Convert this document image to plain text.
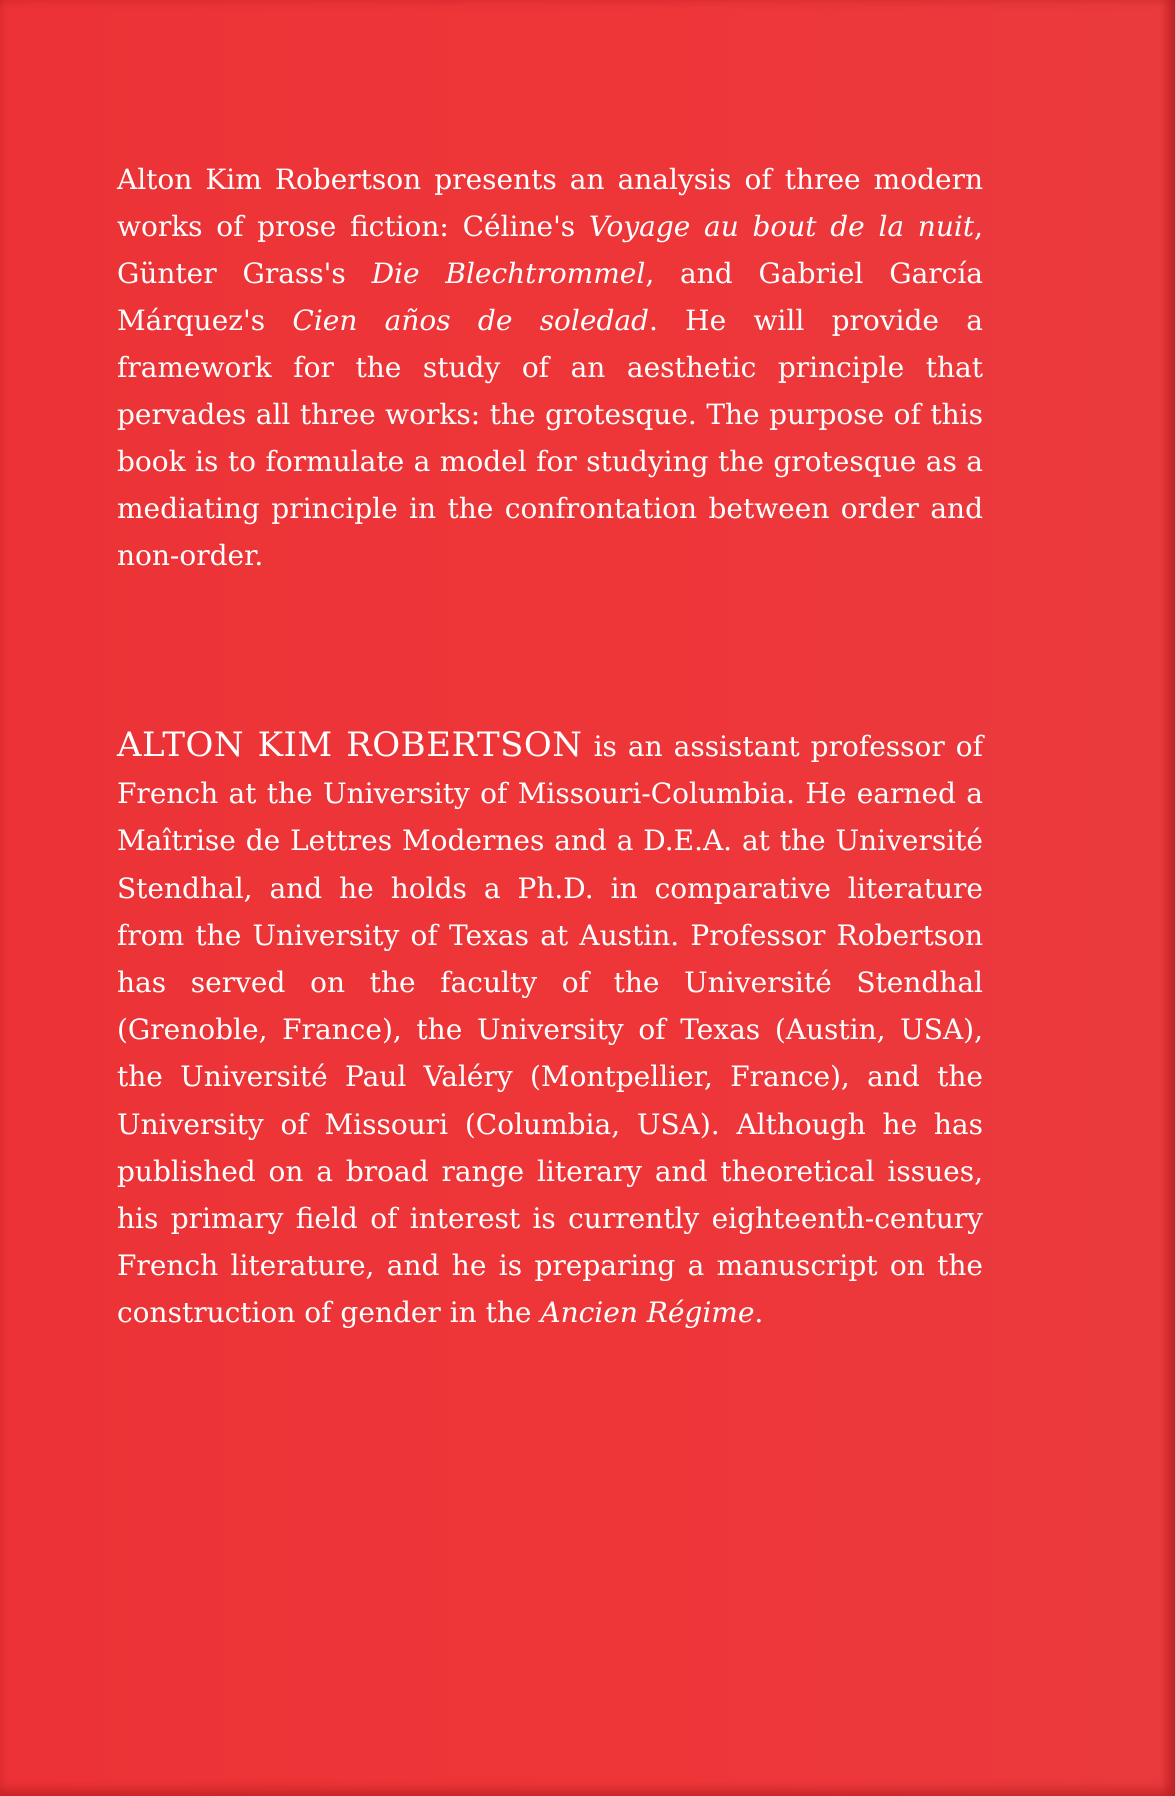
Alton Kim Robertson presents an analysis of three modern works of prose fiction: Céline's Voyage au bout de la nuit, Günter Grass's Die Blechtrommel, and Gabriel García Márquez's Cien años de soledad. He will provide a framework for the study of an aesthetic principle that pervades all three works: the grotesque. The purpose of this book is to formulate a model for studying the grotesque as a mediating principle in the confrontation between order and non-order.
ALTON KIM ROBERTSON is an assistant professor of French at the University of Missouri-Columbia. He earned a Maîtrise de Lettres Modernes and a D.E.A. at the Université Stendhal, and he holds a Ph.D. in comparative literature from the University of Texas at Austin. Professor Robertson has served on the faculty of the Université Stendhal (Grenoble, France), the University of Texas (Austin, USA), the Université Paul Valéry (Montpellier, France), and the University of Missouri (Columbia, USA). Although he has published on a broad range literary and theoretical issues, his primary field of interest is currently eighteenth-century French literature, and he is preparing a manuscript on the construction of gender in the Ancien Régime.
